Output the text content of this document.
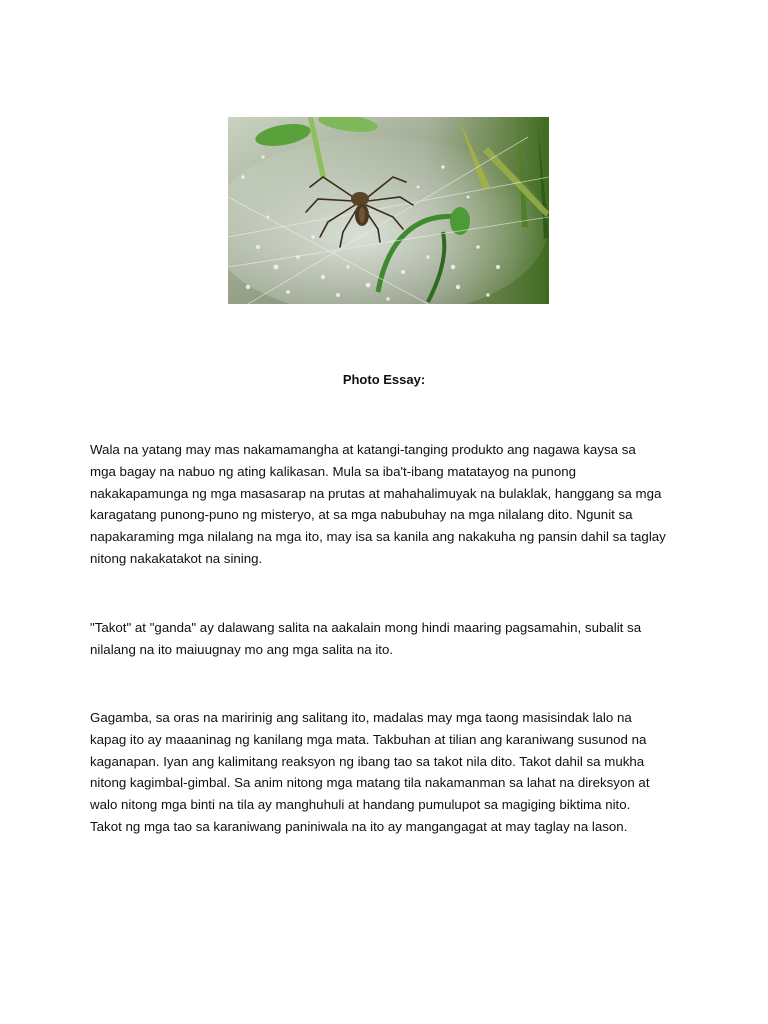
Photo Essay:

Wala na yatang may mas nakamamangha at katangi-tanging produkto ang nagawa kaysa sa
mga bagay na nabuo ng ating kalikasan. Mula sa iba't-ibang matatayog na punong
nakakapamunga ng mga masasarap na prutas at mahahalimuyak na bulaklak, hanggang sa mga
karagatang punong-puno ng misteryo, at sa mga nabubuhay na mga nilalang dito. Ngunit sa
napakaraming mga nilalang na mga ito, may isa sa kanila ang nakakuha ng pansin dahil sa taglay
nitong nakakatakot na sining.

"Takot" at "ganda" ay dalawang salita na aakalain mong hindi maaring pagsamahin, subalit sa
nilalang na ito maiuugnay mo ang mga salita na ito.

Gagamba, sa oras na maririnig ang salitang ito, madalas may mga taong masisindak lalo na
kapag ito ay maaaninag ng kanilang mga mata. Takbuhan at tilian ang karaniwang susunod na
kaganapan. Iyan ang kalimitang reaksyon ng ibang tao sa takot nila dito. Takot dahil sa mukha
nitong kagimbal-gimbal. Sa anim nitong mga matang tila nakamanman sa lahat na direksyon at
walo nitong mga binti na tila ay manghuhuli at handang pumulupot sa magiging biktima nito.
Takot ng mga tao sa karaniwang paniniwala na ito ay mangangagat at may taglay na lason.
